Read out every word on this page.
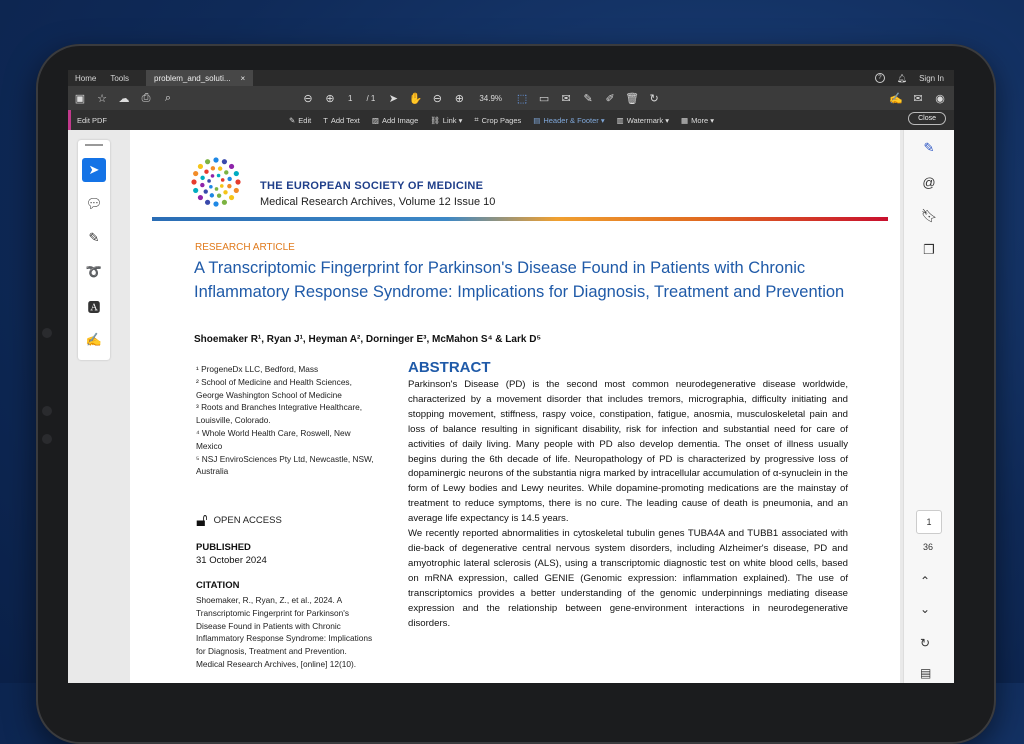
Home	Tools	problem_and_soluti... ×	?	🔔︎ Sign In
▣ ☆ ☁	⎙	⌕	⊖	⊕	1	/ 1	➤ ✋ ⊖	⊕	34.9%	⬚ ▭	✉	✎	✐ 🗑︎ ↻	✍ ✉	◉
Edit PDF	✎ Edit T Add Text ▨ Add Image ⛓ Link ▾ ⌗ Crop Pages ▤ Header & Footer ▾ ▥ Watermark ▾ ▦ More ▾	Close
➤
💬︎
✎
➰
🅰︎
✍
THE EUROPEAN SOCIETY OF MEDICINE
Medical Research Archives, Volume 12 Issue 10
RESEARCH ARTICLE
A Transcriptomic Fingerprint for Parkinson's Disease Found in Patients with Chronic Inflammatory Response Syndrome: Implications for Diagnosis, Treatment and Prevention
Shoemaker R¹, Ryan J¹, Heyman A², Dorninger E³, McMahon S⁴ & Lark D⁵
¹ ProgeneDx LLC, Bedford, Mass
² School of Medicine and Health Sciences, George Washington School of Medicine
³ Roots and Branches Integrative Healthcare, Louisville, Colorado.
⁴ Whole World Health Care, Roswell, New Mexico
⁵ NSJ EnviroSciences Pty Ltd, Newcastle, NSW, Australia
🔓︎ OPEN ACCESS
PUBLISHED
31 October 2024
CITATION
Shoemaker, R., Ryan, Z., et al., 2024. A Transcriptomic Fingerprint for Parkinson's Disease Found in Patients with Chronic Inflammatory Response Syndrome: Implications for Diagnosis, Treatment and Prevention. Medical Research Archives, [online] 12(10).
ABSTRACT

Parkinson's Disease (PD) is the second most common neurodegenerative disease worldwide, characterized by a movement disorder that includes tremors, micrographia, difficulty initiating and stopping movement, stiffness, raspy voice, constipation, fatigue, anosmia, musculoskeletal pain and loss of balance resulting in significant disability, risk for infection and substantial need for care of activities of daily living. Many people with PD also develop dementia. The onset of illness usually begins during the 6th decade of life. Neuropathology of PD is characterized by progressive loss of dopaminergic neurons of the substantia nigra marked by intracellular accumulation of α-synuclein in the form of Lewy bodies and Lewy neurites. While dopamine-promoting medications are the mainstay of treatment to reduce symptoms, there is no cure. The leading cause of death is pneumonia, and an average life expectancy is 14.5 years.

We recently reported abnormalities in cytoskeletal tubulin genes TUBA4A and TUBB1 associated with die-back of degenerative central nervous system disorders, including Alzheimer's disease, PD and amyotrophic lateral sclerosis (ALS), using a transcriptomic diagnostic test on white blood cells, based on mRNA expression, called GENIE (Genomic expression: inflammation explained). The use of transcriptomics provides a better understanding of the genomic underpinnings mediating disease expression and the relationship between gene-environment interactions in neurodegenerative disorders.

✎
@
🔖︎
❐
1
36
⌃
⌄
↻
▤
